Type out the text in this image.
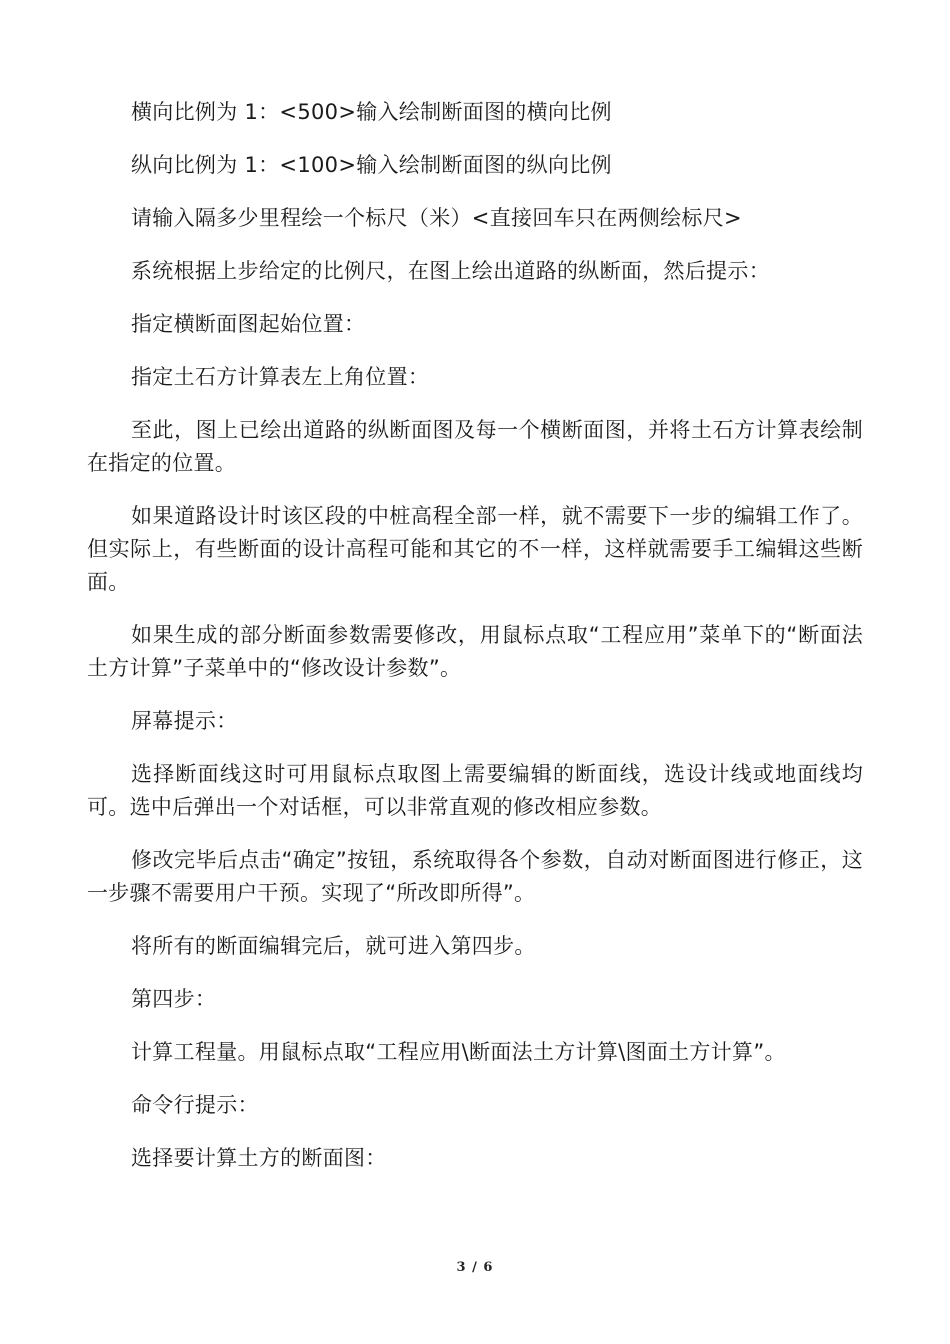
横向比例为 1：<500>输入绘制断面图的横向比例

纵向比例为 1：<100>输入绘制断面图的纵向比例

请输入隔多少里程绘一个标尺（米）<直接回车只在两侧绘标尺>

系统根据上步给定的比例尺，在图上绘出道路的纵断面，然后提示：

指定横断面图起始位置：

指定土石方计算表左上角位置：

至此，图上已绘出道路的纵断面图及每一个横断面图，并将土石方计算表绘制在指定的位置。

如果道路设计时该区段的中桩高程全部一样，就不需要下一步的编辑工作了。但实际上，有些断面的设计高程可能和其它的不一样，这样就需要手工编辑这些断面。

如果生成的部分断面参数需要修改，用鼠标点取“工程应用”菜单下的“断面法土方计算”子菜单中的“修改设计参数”。

屏幕提示：

选择断面线这时可用鼠标点取图上需要编辑的断面线，选设计线或地面线均可。选中后弹出一个对话框，可以非常直观的修改相应参数。

修改完毕后点击“确定”按钮，系统取得各个参数，自动对断面图进行修正，这一步骤不需要用户干预。实现了“所改即所得”。

将所有的断面编辑完后，就可进入第四步。

第四步：

计算工程量。用鼠标点取“工程应用\断面法土方计算\图面土方计算”。

命令行提示：

选择要计算土方的断面图：

3 / 6
